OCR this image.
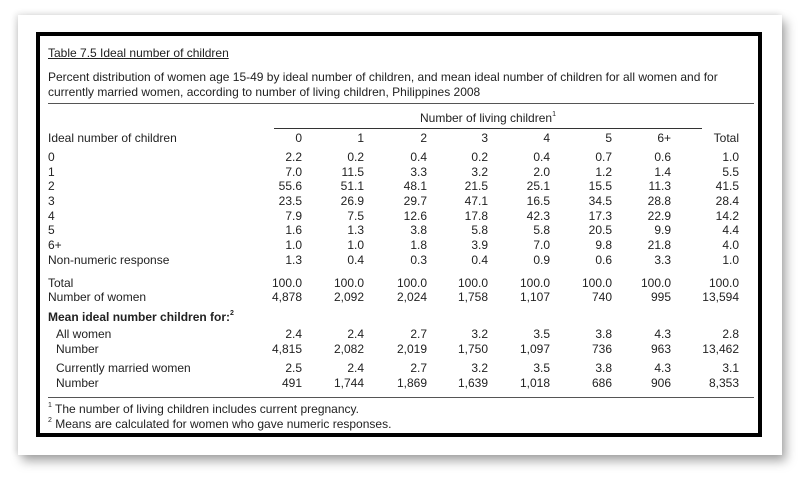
Table 7.5 Ideal number of children
Percent distribution of women age 15-49 by ideal number of children, and mean ideal number of children for all women and for currently married women, according to number of living children, Philippines 2008
Number of living children$^1$
Ideal number of children	0	1	2	3	4	5	6+	Total
0	2.2	0.2	0.4	0.2	0.4	0.7	0.6	1.0
1	7.0	11.5	3.3	3.2	2.0	1.2	1.4	5.5
2	55.6	51.1	48.1	21.5	25.1	15.5	11.3	41.5
3	23.5	26.9	29.7	47.1	16.5	34.5	28.8	28.4
4	7.9	7.5	12.6	17.8	42.3	17.3	22.9	14.2
5	1.6	1.3	3.8	5.8	5.8	20.5	9.9	4.4
6+	1.0	1.0	1.8	3.9	7.0	9.8	21.8	4.0
Non-numeric response	1.3	0.4	0.3	0.4	0.9	0.6	3.3	1.0
Total	100.0	100.0	100.0	100.0	100.0	100.0 100.0	100.0
Number of women	4,878	2,092	2,024	1,758	1,107	740	995	13,594
Mean ideal number children for:$^2$
All women	2.4	2.4	2.7	3.2	3.5	3.8	4.3	2.8
Number	4,815	2,082	2,019	1,750	1,097	736	963	13,462
Currently married women	2.5	2.4	2.7	3.2	3.5	3.8	4.3	3.1
Number	491	1,744	1,869	1,639	1,018	686	906	8,353
$^1$ The number of living children includes current pregnancy.
$^2$ Means are calculated for women who gave numeric responses.
